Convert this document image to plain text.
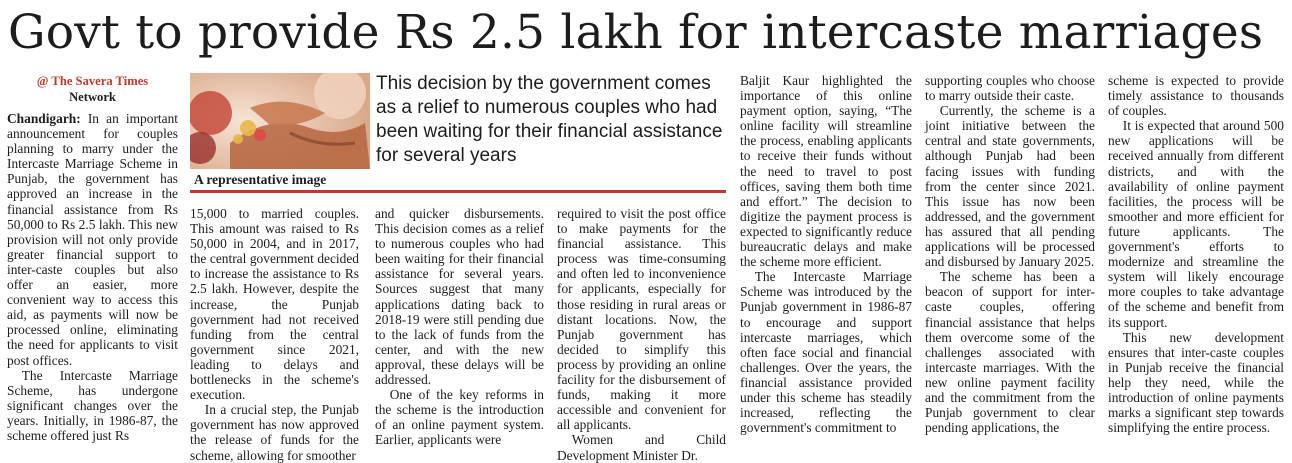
Govt to provide Rs 2.5 lakh for intercaste marriages
@ The Savera Times
Network

Chandigarh: In an important announcement for couples planning to marry under the Intercaste Marriage Scheme in Punjab, the government has approved an increase in the financial assistance from Rs 50,000 to Rs 2.5 lakh. This new provision will not only provide greater financial support to inter-caste couples but also offer an easier, more convenient way to access this aid, as payments will now be processed online, eliminating the need for applicants to visit post offices.

The Intercaste Marriage Scheme, has undergone significant changes over the years. Initially, in 1986-87, the scheme offered just Rs

A representative image
This decision by the government comes as a relief to numerous couples who had been waiting for their financial assistance for several years

15,000 to married couples. This amount was raised to Rs 50,000 in 2004, and in 2017, the central government decided to increase the assistance to Rs 2.5 lakh. However, despite the increase, the Punjab government had not received funding from the central government since 2021, leading to delays and bottlenecks in the scheme's execution.

In a crucial step, the Punjab government has now approved the release of funds for the scheme, allowing for smoother

and quicker disbursements. This decision comes as a relief to numerous couples who had been waiting for their financial assistance for several years. Sources suggest that many applications dating back to 2018-19 were still pending due to the lack of funds from the center, and with the new approval, these delays will be addressed.

One of the key reforms in the scheme is the introduction of an online payment system. Earlier, applicants were

required to visit the post office to make payments for the financial assistance. This process was time-consuming and often led to inconvenience for applicants, especially for those residing in rural areas or distant locations. Now, the Punjab government has decided to simplify this process by providing an online facility for the disbursement of funds, making it more accessible and convenient for all applicants.

Women and Child Development Minister Dr.

Baljit Kaur highlighted the importance of this online payment option, saying, “The online facility will streamline the process, enabling applicants to receive their funds without the need to travel to post offices, saving them both time and effort.” The decision to digitize the payment process is expected to significantly reduce bureaucratic delays and make the scheme more efficient.

The Intercaste Marriage Scheme was introduced by the Punjab government in 1986-87 to encourage and support intercaste marriages, which often face social and financial challenges. Over the years, the financial assistance provided under this scheme has steadily increased, reflecting the government's commitment to

supporting couples who choose to marry outside their caste.

Currently, the scheme is a joint initiative between the central and state governments, although Punjab had been facing issues with funding from the center since 2021. This issue has now been addressed, and the government has assured that all pending applications will be processed and disbursed by January 2025.

The scheme has been a beacon of support for inter-caste couples, offering financial assistance that helps them overcome some of the challenges associated with intercaste marriages. With the new online payment facility and the commitment from the Punjab government to clear pending applications, the

scheme is expected to provide timely assistance to thousands of couples.

It is expected that around 500 new applications will be received annually from different districts, and with the availability of online payment facilities, the process will be smoother and more efficient for future applicants. The government's efforts to modernize and streamline the system will likely encourage more couples to take advantage of the scheme and benefit from its support.

This new development ensures that inter-caste couples in Punjab receive the financial help they need, while the introduction of online payments marks a significant step towards simplifying the entire process.
